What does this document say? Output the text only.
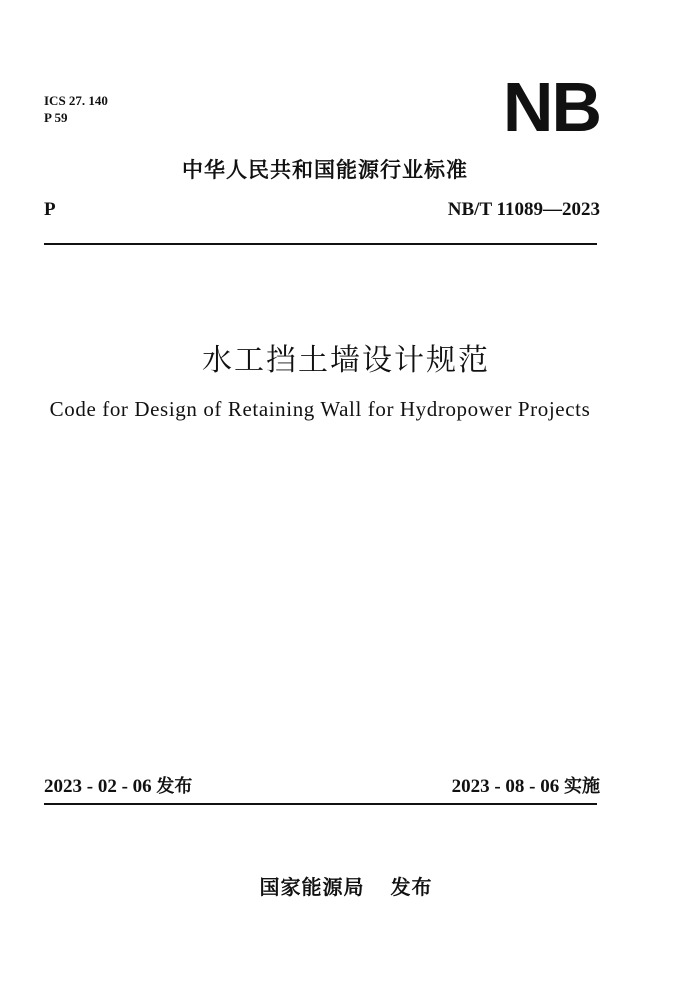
ICS 27. 140
P 59	NB
中华人民共和国能源行业标准
P	NB/T 11089—2023
水工挡土墙设计规范
Code for Design of Retaining Wall for Hydropower Projects
2023 - 02 - 06 发布	2023 - 08 - 06 实施
国家能源局 发布
